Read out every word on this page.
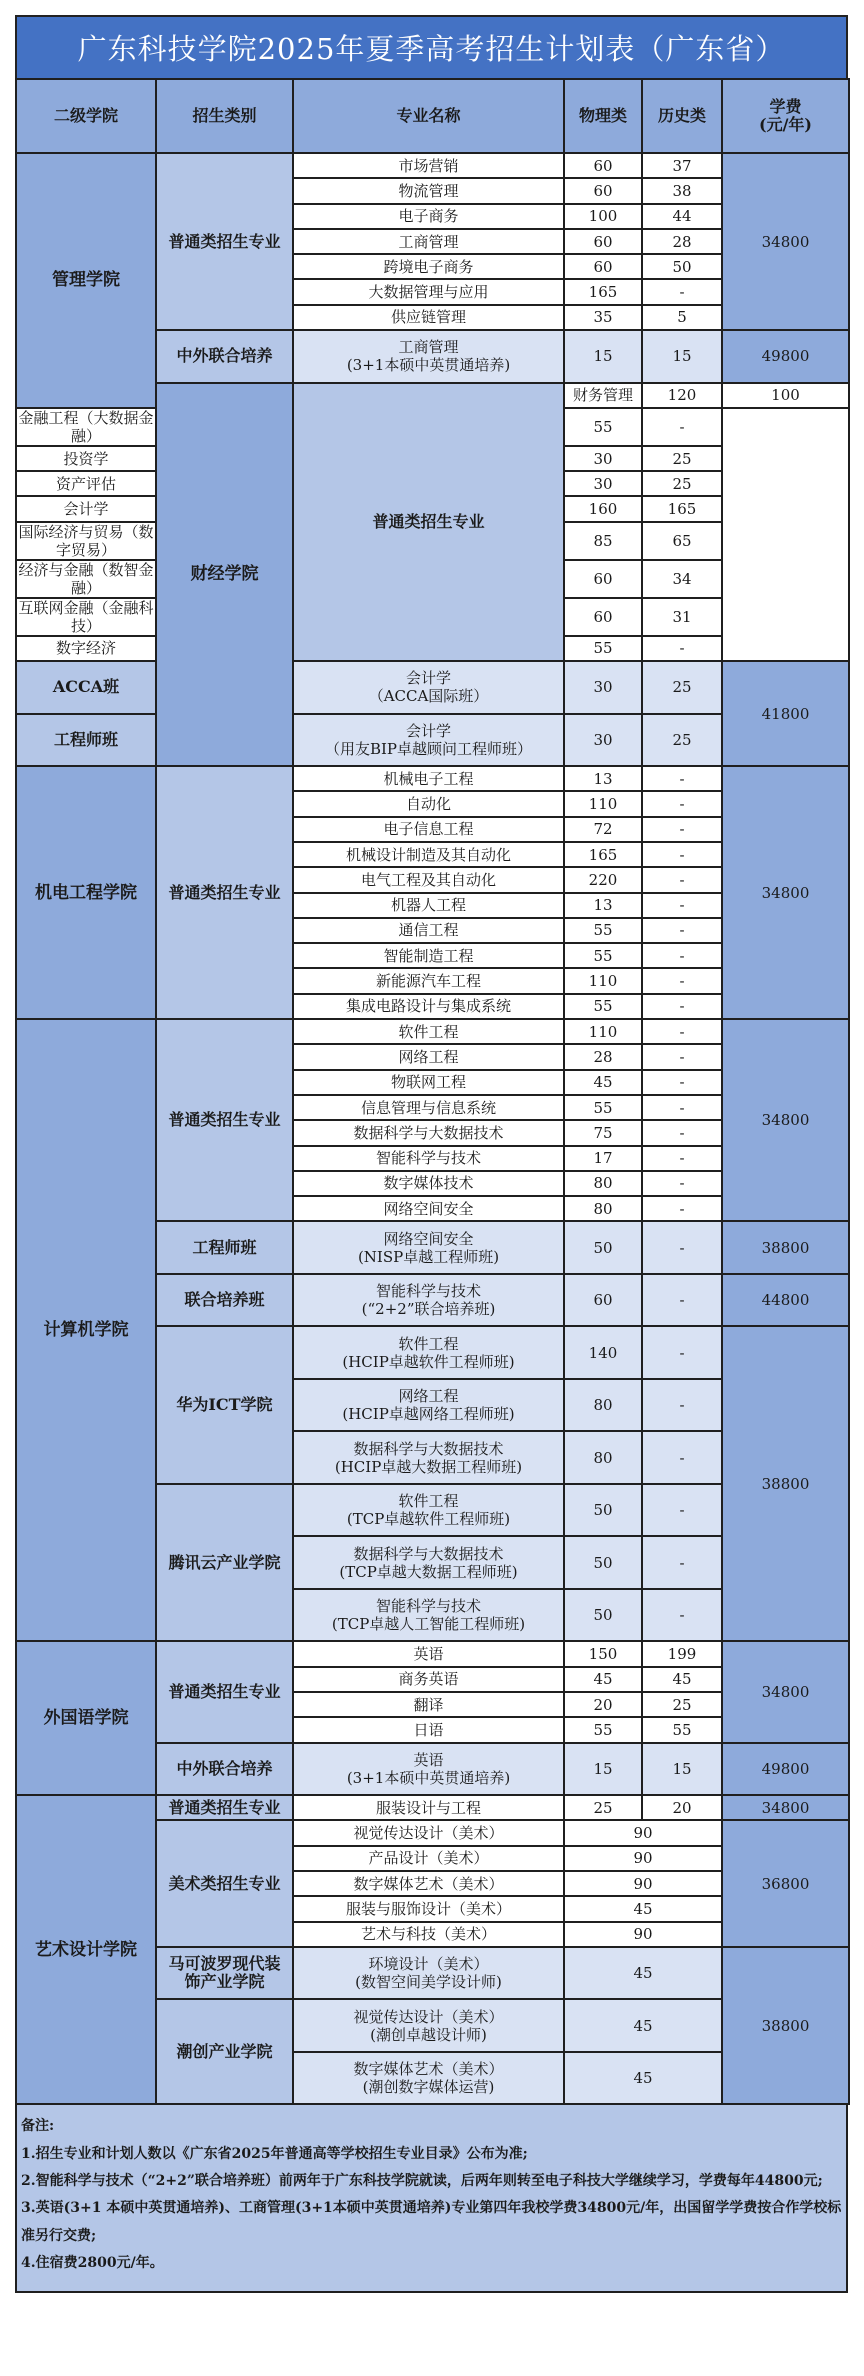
广东科技学院2025年夏季高考招生计划表（广东省）
二级学院	招生类别	专业名称	物理类	历史类	学费
(元/年)	

管理学院	普通类招生专业	市场营销	60	37	34800	
		物流管理	60	38		
		电子商务	100	44		
		工商管理	60	28		
		跨境电子商务	60	50		
		大数据管理与应用	165	-		
		供应链管理	35	5		
	中外联合培养	工商管理
(3+1本硕中英贯通培养)	15	15	49800	
	财经学院	普通类招生专业	财务管理	120	100	
金融工程（大数据金融）			55	-		
投资学			30	25		
资产评估			30	25		
会计学			160	165		
国际经济与贸易（数字贸易）			85	65		
经济与金融（数智金融）			60	34		
互联网金融（金融科技）			60	31		
数字经济			55	-		
ACCA班		会计学
（ACCA国际班）	30	25	41800	
工程师班		会计学
（用友BIP卓越顾问工程师班）	30	25		
机电工程学院	普通类招生专业	机械电子工程	13	-	34800	
		自动化	110	-		
		电子信息工程	72	-		
		机械设计制造及其自动化	165	-		
		电气工程及其自动化	220	-		
		机器人工程	13	-		
		通信工程	55	-		
		智能制造工程	55	-		
		新能源汽车工程	110	-		
		集成电路设计与集成系统	55	-		
计算机学院	普通类招生专业	软件工程	110	-	34800	
		网络工程	28	-		
		物联网工程	45	-		
		信息管理与信息系统	55	-		
		数据科学与大数据技术	75	-		
		智能科学与技术	17	-		
		数字媒体技术	80	-		
		网络空间安全	80	-		
	工程师班	网络空间安全
(NISP卓越工程师班)	50	-	38800	
	联合培养班	智能科学与技术
(“2+2”联合培养班)	60	-	44800	
	华为ICT学院	软件工程
(HCIP卓越软件工程师班)	140	-	38800	

		网络工程
(HCIP卓越网络工程师班)	80	-		

		数据科学与大数据技术
(HCIP卓越大数据工程师班)	80	-		
	腾讯云产业学院	软件工程
(TCP卓越软件工程师班)	50	-		

		数据科学与大数据技术
(TCP卓越大数据工程师班)	50	-		

		智能科学与技术
(TCP卓越人工智能工程师班)	50	-		
外国语学院	普通类招生专业	英语	150	199	34800	
		商务英语	45	45		
		翻译	20	25		
		日语	55	55		
	中外联合培养	英语
(3+1本硕中英贯通培养)	15	15	49800	
艺术设计学院	普通类招生专业	服装设计与工程	25	20	34800	
	美术类招生专业	视觉传达设计（美术）	90		36800	
		产品设计（美术）	90			
		数字媒体艺术（美术）	90			
		服装与服饰设计（美术）	45			
		艺术与科技（美术）	90			

	马可波罗现代装
饰产业学院	环境设计（美术）
(数智空间美学设计师)	45		38800	
	潮创产业学院	视觉传达设计（美术）
(潮创卓越设计师)	45			

		数字媒体艺术（美术）
(潮创数字媒体运营)	45			
备注:
1.招生专业和计划人数以《广东省2025年普通高等学校招生专业目录》公布为准;
2.智能科学与技术（“2+2”联合培养班）前两年于广东科技学院就读，后两年则转至电子科技大学继续学习，学费每年44800元;
3.英语(3+1 本硕中英贯通培养)、工商管理(3+1本硕中英贯通培养)专业第四年我校学费34800元/年，出国留学学费按合作学校标准另行交费;
4.住宿费2800元/年。
